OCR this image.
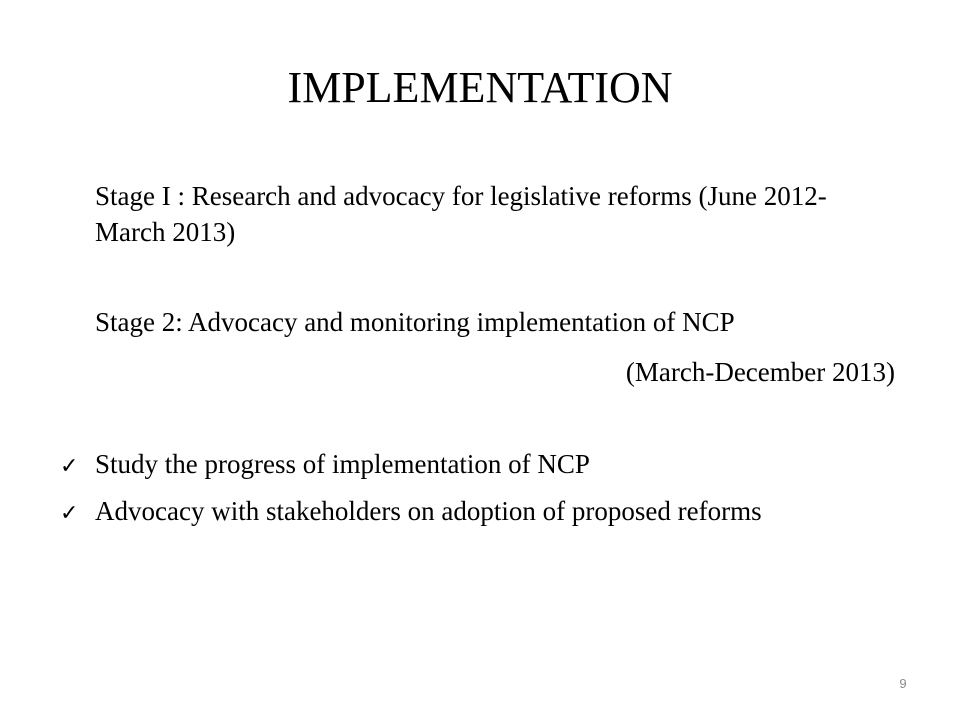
IMPLEMENTATION

Stage I : Research and advocacy for legislative reforms (June 2012-March 2013)

Stage 2: Advocacy and monitoring implementation of NCP

(March-December 2013)

✓ Study the progress of implementation of NCP
✓ Advocacy with stakeholders on adoption of proposed reforms
9
